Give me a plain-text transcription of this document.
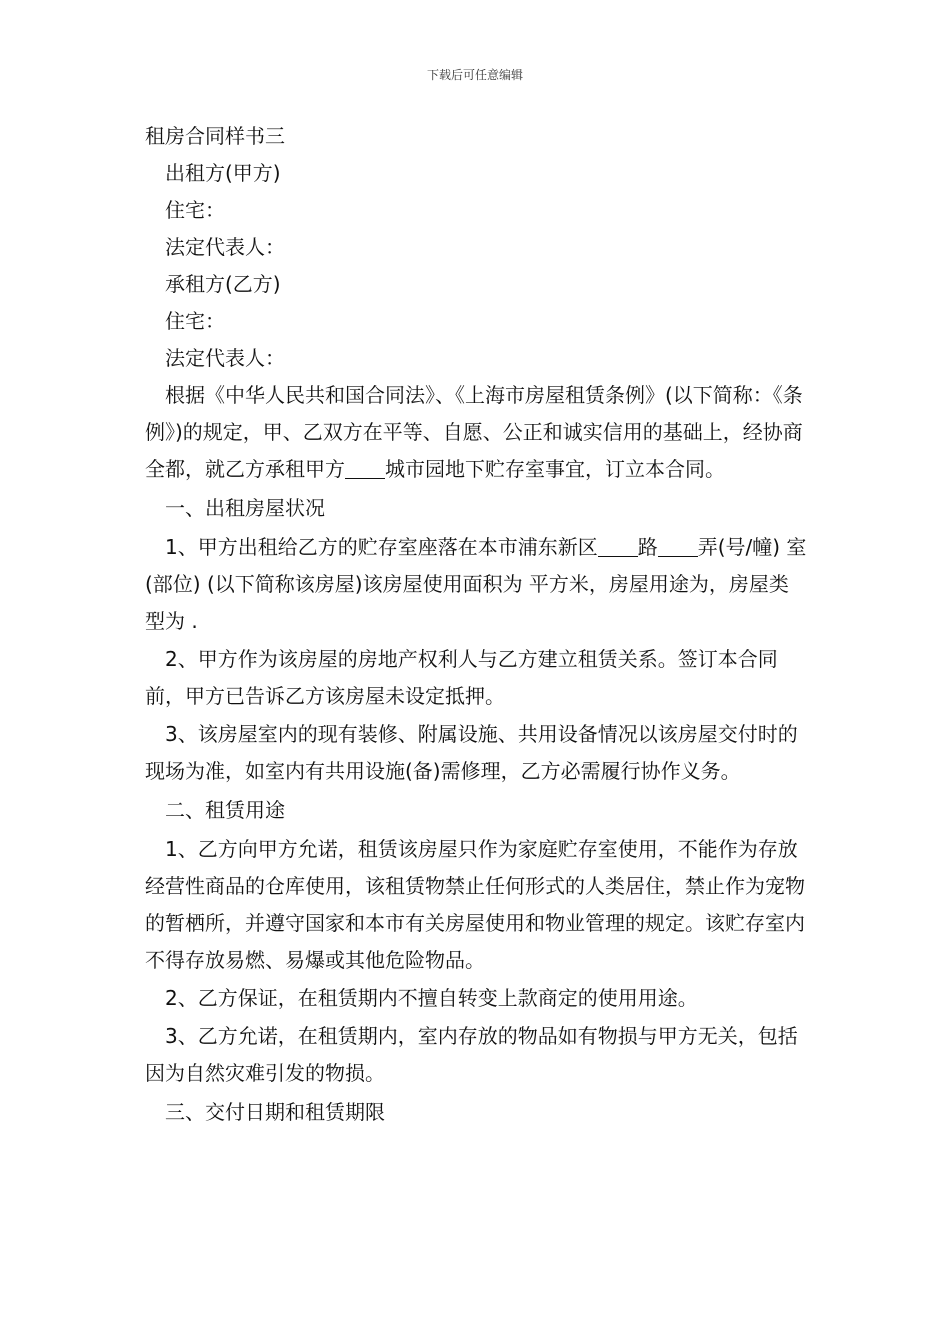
下载后可任意编辑

租房合同样书三

出租方(甲方)

住宅：

法定代表人：

承租方(乙方)

住宅：

法定代表人：

根据《中华人民共和国合同法》、《上海市房屋租赁条例》(以下简称：《条例》)的规定，甲、乙双方在平等、自愿、公正和诚实信用的基础上，经协商全都，就乙方承租甲方 城市园地下贮存室事宜，订立本合同。

一、出租房屋状况

1、甲方出租给乙方的贮存室座落在本市浦东新区 路 弄(号/幢) 室(部位) (以下简称该房屋)该房屋使用面积为 平方米，房屋用途为，房屋类型为 .

2、甲方作为该房屋的房地产权利人与乙方建立租赁关系。签订本合同前，甲方已告诉乙方该房屋未设定抵押。

3、该房屋室内的现有装修、附属设施、共用设备情况以该房屋交付时的现场为准，如室内有共用设施(备)需修理，乙方必需履行协作义务。

二、租赁用途

1、乙方向甲方允诺，租赁该房屋只作为家庭贮存室使用，不能作为存放经营性商品的仓库使用，该租赁物禁止任何形式的人类居住，禁止作为宠物的暂栖所，并遵守国家和本市有关房屋使用和物业管理的规定。该贮存室内不得存放易燃、易爆或其他危险物品。

2、乙方保证，在租赁期内不擅自转变上款商定的使用用途。

3、乙方允诺，在租赁期内，室内存放的物品如有物损与甲方无关，包括因为自然灾难引发的物损。

三、交付日期和租赁期限
